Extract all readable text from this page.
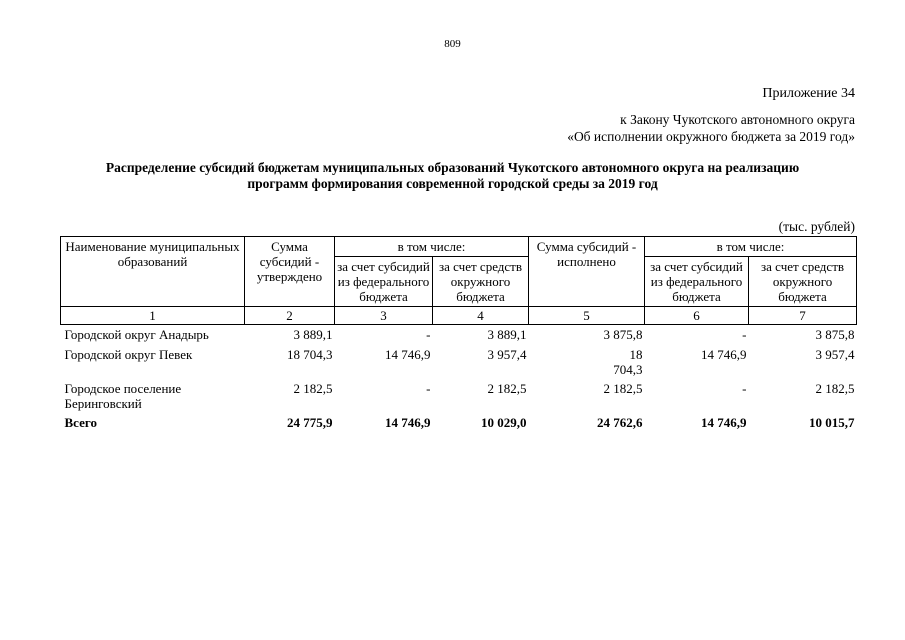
809
Приложение 34
к Закону Чукотского автономного округа
«Об исполнении окружного бюджета за 2019 год»
Распределение субсидий бюджетам муниципальных образований Чукотского автономного округа на реализацию
программ формирования современной городской среды за 2019 год
(тыс. рублей)
Наименование муниципальных образований	Сумма субсидий - утверждено	в том числе:		Сумма субсидий - исполнено	в том числе:	
		за счет субсидий из федерального бюджета	за счет средств окружного бюджета		за счет субсидий из федерального бюджета	за счет средств окружного бюджета
1	2	3	4	5	6	7
Городской округ Анадырь	3 889,1	-	3 889,1	3 875,8	-	3 875,8
Городской округ Певек	18 704,3	14 746,9	3 957,4	18 704,3	14 746,9	3 957,4
Городское поселение Беринговский	2 182,5	-	2 182,5	2 182,5	-	2 182,5
Всего	24 775,9	14 746,9	10 029,0	24 762,6	14 746,9	10 015,7
